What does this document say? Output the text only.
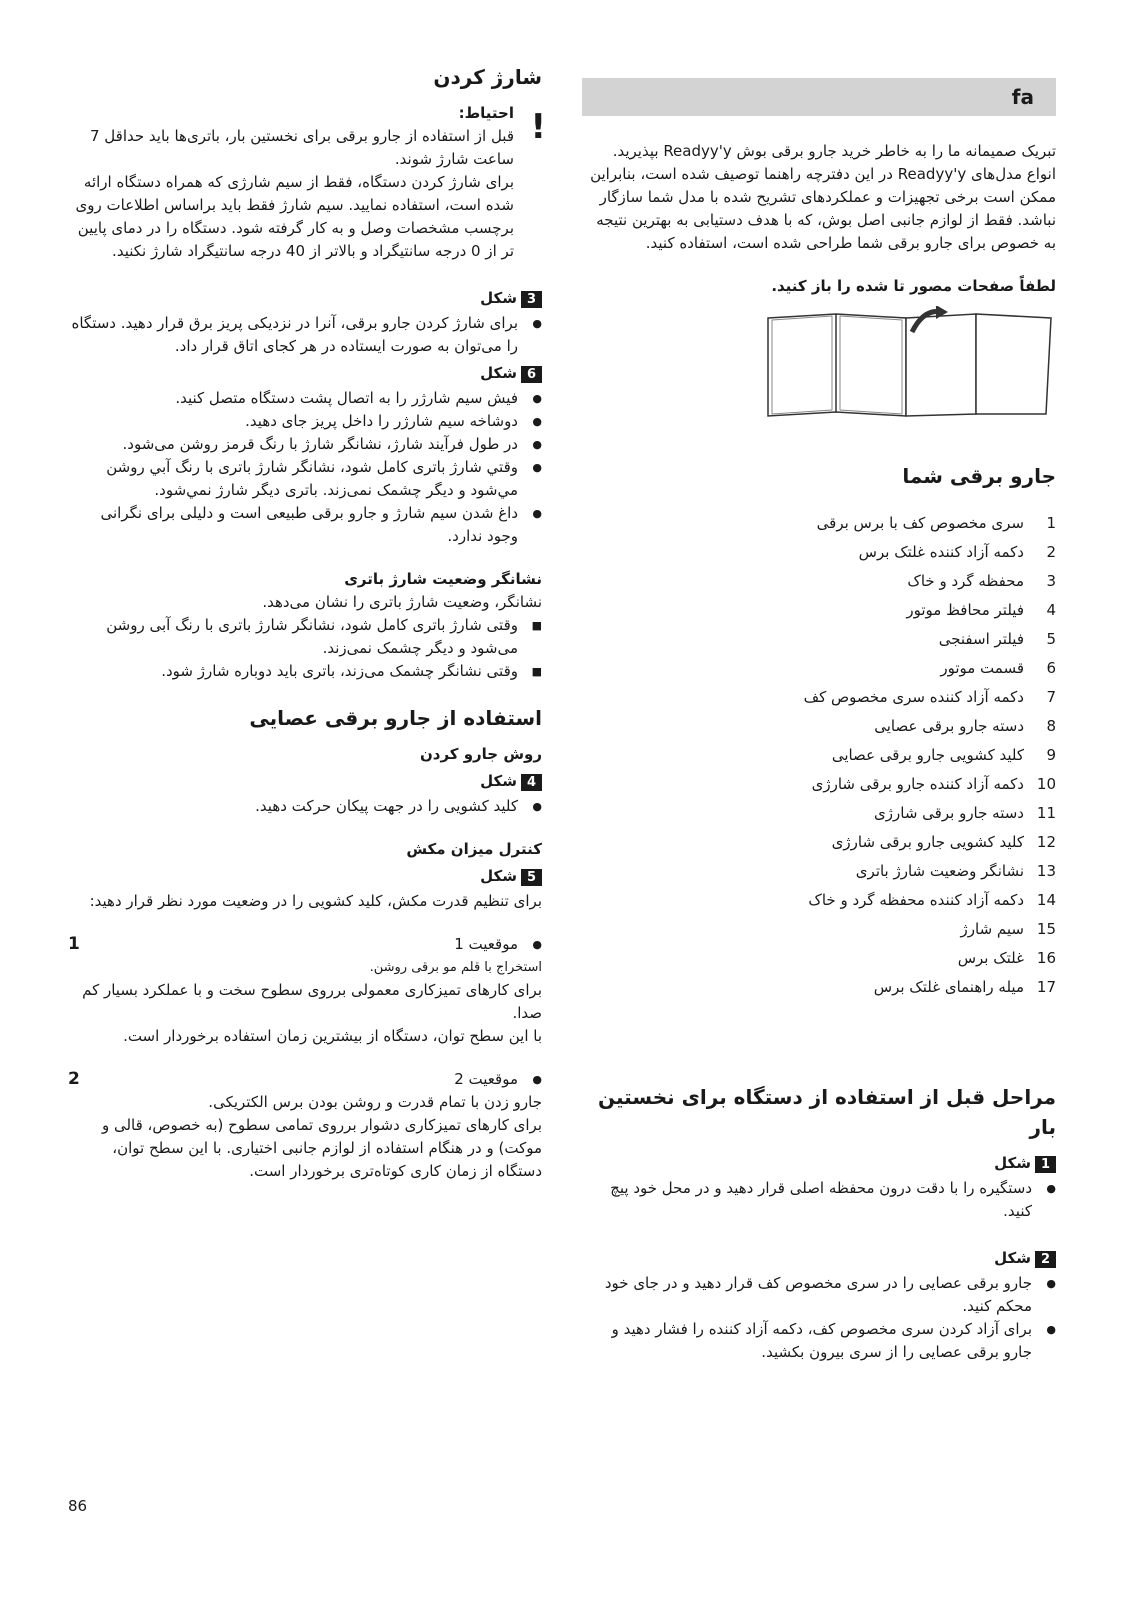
fa

تبریک صمیمانه ما را به خاطر خرید جارو برقی بوش Readyy'y بپذیرید. انواع مدل‌های Readyy'y در این دفترچه راهنما توصیف شده است، بنابراین ممکن است برخی تجهیزات و عملکردهای تشریح شده با مدل شما سازگار نباشد. فقط از لوازم جانبی اصل بوش، که با هدف دستیابی به بهترین نتیجه به خصوص برای جارو برقی شما طراحی شده است، استفاده کنید.

لطفاً صفحات مصور تا شده را باز کنید.

جارو برقی شما
1
سری مخصوص کف با برس برقی
2
دکمه آزاد کننده غلتک برس
3
محفظه گرد و خاک
4
فیلتر محافظ موتور
5
فیلتر اسفنجی
6
قسمت موتور
7
دکمه آزاد کننده سری مخصوص کف
8
دسته جارو برقی عصایی
9
کلید کشویی جارو برقی عصایی
10
دکمه آزاد کننده جارو برقی شارژی
11
دسته جارو برقی شارژی
12
کلید کشویی جارو برقی شارژی
13
نشانگر وضعیت شارژ باتری
14
دکمه آزاد کننده محفظه گرد و خاک
15
سیم شارژ
16
غلتک برس
17
میله راهنمای غلتک برس
مراحل قبل از استفاده از دستگاه برای نخستین بار
1شکل

● دستگیره را با دقت درون محفظه اصلی قرار دهید و در محل خود پیچ کنید.

2شکل

● جارو برقی عصایی را در سری مخصوص کف قرار دهید و در جای خود محکم کنید.

● برای آزاد کردن سری مخصوص کف، دکمه آزاد کننده را فشار دهید و جارو برقی عصایی را از سری بیرون بکشید.

شارژ کردن
!

احتیاط:

قبل از استفاده از جارو برقی برای نخستین بار، باتری‌ها باید حداقل 7 ساعت شارژ شوند.

برای شارژ کردن دستگاه، فقط از سیم شارژی که همراه دستگاه ارائه شده است، استفاده نمایید. سیم شارژ فقط باید براساس اطلاعات روی برچسب مشخصات وصل و به کار گرفته شود. دستگاه را در دمای پایین تر از 0 درجه سانتیگراد و بالاتر از 40 درجه سانتیگراد شارژ نکنید.

3شکل

● برای شارژ کردن جارو برقی، آنرا در نزدیکی پریز برق قرار دهید. دستگاه را می‌توان به صورت ایستاده در هر کجای اتاق قرار داد.

6شکل

● فیش سیم شارژر را به اتصال پشت دستگاه متصل کنید.

● دوشاخه سیم شارژر را داخل پریز جای دهید.

● در طول فرآیند شارژ، نشانگر شارژ با رنگ قرمز روشن می‌شود.

● وقتي شارژ باتری کامل شود، نشانگر شارژ باتری با رنگ آبي روشن مي‌شود و ديگر چشمک نمی‌زند. باتری ديگر شارژ نمي‌شود.

● داغ شدن سیم شارژ و جارو برقی طبیعی است و دلیلی برای نگرانی وجود ندارد.

نشانگر وضعیت شارژ باتری

نشانگر، وضعیت شارژ باتری را نشان می‌دهد.

■ وقتی شارژ باتری کامل شود، نشانگر شارژ باتری با رنگ آبی روشن می‌شود و دیگر چشمک نمی‌زند.

■ وقتی نشانگر چشمک می‌زند، باتری باید دوباره شارژ شود.

استفاده از جارو برقی عصایی

روش جارو کردن

4شکل

● کلید کشویی را در جهت پیکان حرکت دهید.

کنترل میزان مکش

5شکل

برای تنظیم قدرت مکش، کلید کشویی را در وضعیت مورد نظر قرار دهید:

1	● موقعیت 1

استخراج با قلم مو برقی روشن.

برای کارهای تمیزکاری معمولی برروی سطوح سخت و با عملکرد بسیار کم صدا.

با این سطح توان، دستگاه از بیشترین زمان استفاده برخوردار است.

2	● موقعیت 2

جارو زدن با تمام قدرت و روشن بودن برس الکتریکی.

برای کارهای تمیزکاری دشوار برروی تمامی سطوح (به خصوص، قالی و موکت) و در هنگام استفاده از لوازم جانبی اختیاری. با این سطح توان، دستگاه از زمان کاری کوتاه‌تری برخوردار است.

86
